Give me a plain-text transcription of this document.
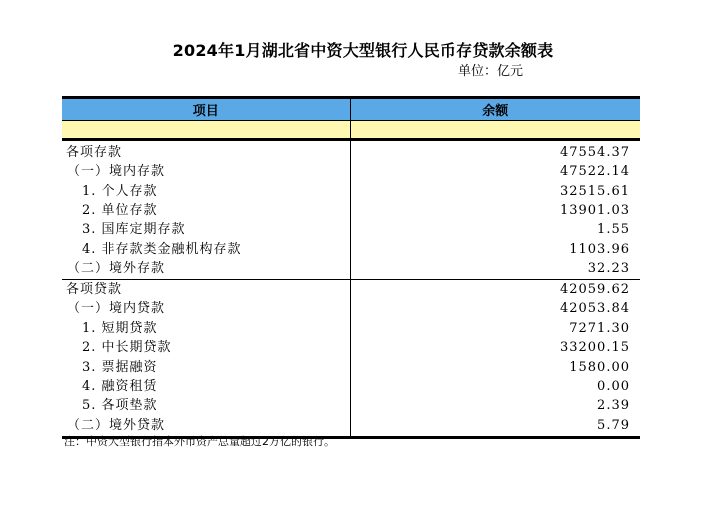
2024年1月湖北省中资大型银行人民币存贷款余额表
单位：亿元
项目	余额

各项存款	47554.37
（一）境内存款	47522.14
1. 个人存款	32515.61
2. 单位存款	13901.03
3. 国库定期存款	1.55
4. 非存款类金融机构存款	1103.96
（二）境外存款	32.23
各项贷款	42059.62
（一）境内贷款	42053.84
1. 短期贷款	7271.30
2. 中长期贷款	33200.15
3. 票据融资	1580.00
4. 融资租赁	0.00
5. 各项垫款	2.39
（二）境外贷款	5.79
注：中资大型银行指本外币资产总量超过2万亿的银行。
